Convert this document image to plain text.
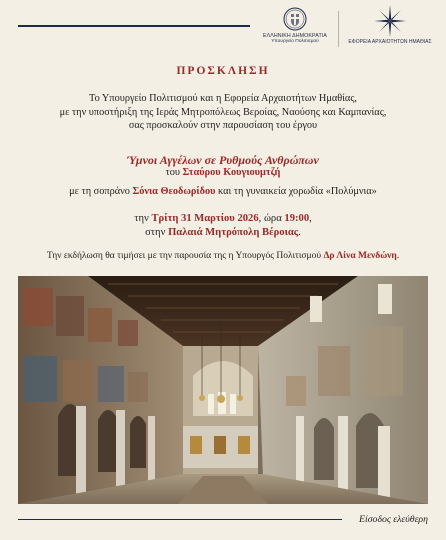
ΕΛΛΗΝΙΚΗ ΔΗΜΟΚΡΑΤΙΑ
Υπουργείο Πολιτισμού	ΕΦΟΡΕΙΑ ΑΡΧΑΙΟΤΗΤΩΝ ΗΜΑΘΙΑΣ
ΠΡΟΣΚΛΗΣΗ
Το Υπουργείο Πολιτισμού και η Εφορεία Αρχαιοτήτων Ημαθίας,
με την υποστήριξη της Ιεράς Μητροπόλεως Βεροίας, Ναούσης και Καμπανίας,
σας προσκαλούν στην παρουσίαση του έργου
Ύμνοι Αγγέλων σε Ρυθμούς Ανθρώπων
του Σταύρου Κουγιουμτζή
με τη σοπράνο Σόνια Θεοδωρίδου και τη γυναικεία χορωδία «Πολύμνια»
την Τρίτη 31 Μαρτίου 2026, ώρα 19:00,
στην Παλαιά Μητρόπολη Βέροιας.
Την εκδήλωση θα τιμήσει με την παρουσία της η Υπουργός Πολιτισμού Δρ Λίνα Μενδώνη.
Είσοδος ελεύθερη
